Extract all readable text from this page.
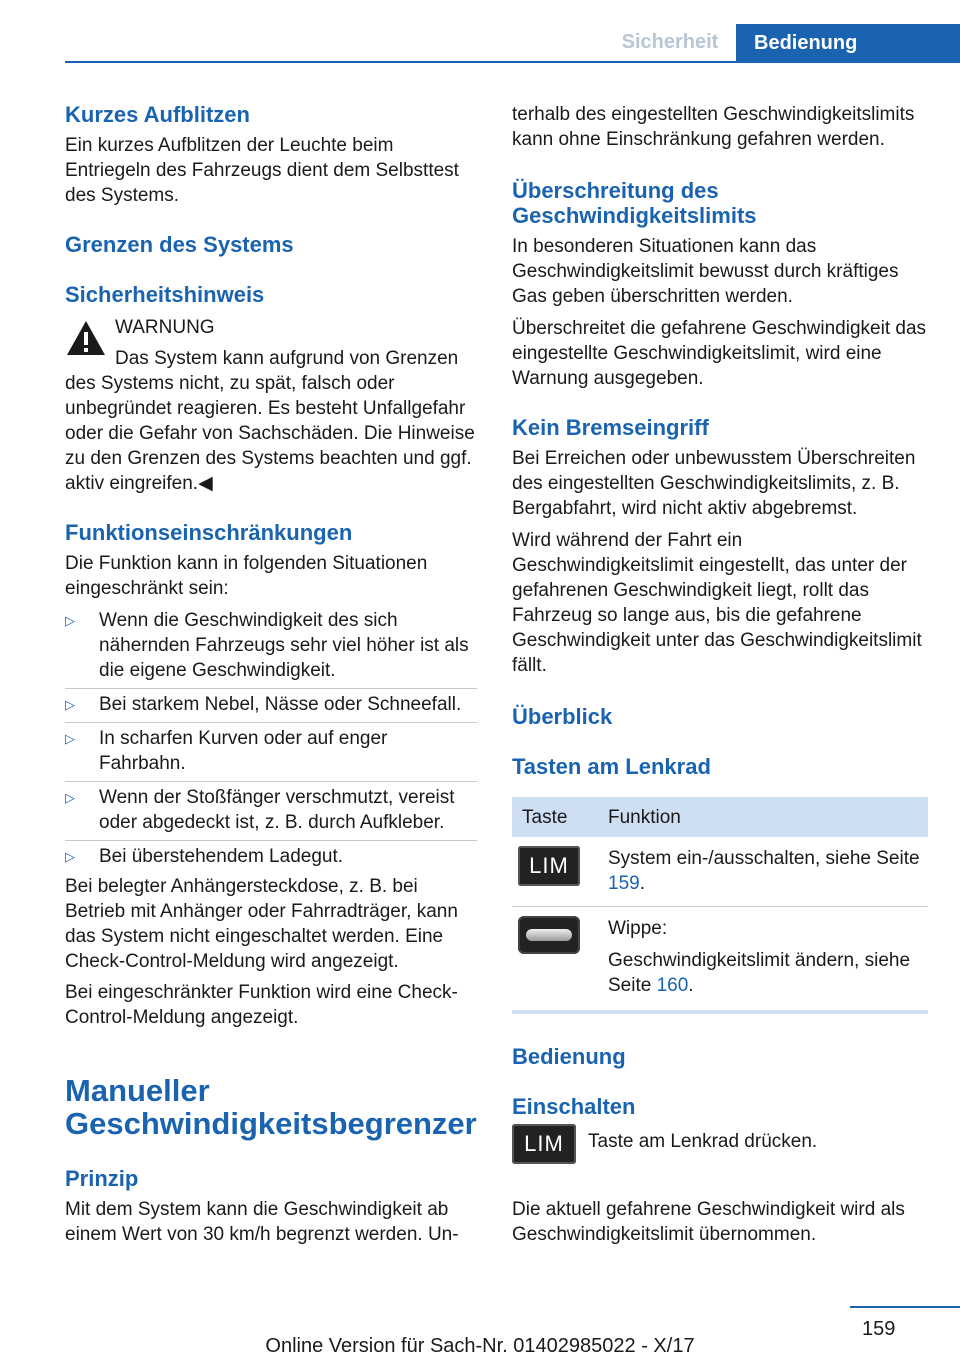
Sicherheit	Bedienung
Kurzes Aufblitzen

Ein kurzes Aufblitzen der Leuchte beim Entriegeln des Fahrzeugs dient dem Selbsttest des Systems.

Grenzen des Systems
Sicherheitshinweis

WARNUNG

Das System kann aufgrund von Grenzen des Systems nicht, zu spät, falsch oder unbegründet reagieren. Es besteht Unfallgefahr oder die Gefahr von Sachschäden. Die Hinweise zu den Grenzen des Systems beachten und ggf. aktiv eingreifen.◀

Funktionseinschränkungen

Die Funktion kann in folgenden Situationen eingeschränkt sein:

▷	Wenn die Geschwindigkeit des sich nähernden Fahrzeugs sehr viel höher ist als die eigene Geschwindigkeit.
▷	Bei starkem Nebel, Nässe oder Schneefall.
▷	In scharfen Kurven oder auf enger Fahrbahn.
▷	Wenn der Stoßfänger verschmutzt, vereist oder abgedeckt ist, z. B. durch Aufkleber.
▷	Bei überstehendem Ladegut.

Bei belegter Anhängersteckdose, z. B. bei Betrieb mit Anhänger oder Fahrradträger, kann das System nicht eingeschaltet werden. Eine Check-Control-Meldung wird angezeigt.

Bei eingeschränkter Funktion wird eine Check-Control-Meldung angezeigt.

Manueller Geschwindigkeitsbegrenzer
Prinzip

Mit dem System kann die Geschwindigkeit ab einem Wert von 30 km/h begrenzt werden. Un-

terhalb des eingestellten Geschwindigkeitslimits kann ohne Einschränkung gefahren werden.

Überschreitung des Geschwindigkeitslimits

In besonderen Situationen kann das Geschwindigkeitslimit bewusst durch kräftiges Gas geben überschritten werden.

Überschreitet die gefahrene Geschwindigkeit das eingestellte Geschwindigkeitslimit, wird eine Warnung ausgegeben.

Kein Bremseingriff

Bei Erreichen oder unbewusstem Überschreiten des eingestellten Geschwindigkeitslimits, z. B. Bergabfahrt, wird nicht aktiv abgebremst.

Wird während der Fahrt ein Geschwindigkeitslimit eingestellt, das unter der gefahrenen Geschwindigkeit liegt, rollt das Fahrzeug so lange aus, bis die gefahrene Geschwindigkeit unter das Geschwindigkeitslimit fällt.

Überblick
Tasten am Lenkrad
Taste	Funktion

LIM	System ein-/ausschalten, siehe Seite 159.

	Wippe:
Geschwindigkeitslimit ändern, siehe Seite 160.
Bedienung
Einschalten
LIM	Taste am Lenkrad drücken.

Die aktuell gefahrene Geschwindigkeit wird als Geschwindigkeitslimit übernommen.

159
Online Version für Sach-Nr. 01402985022 - X/17
